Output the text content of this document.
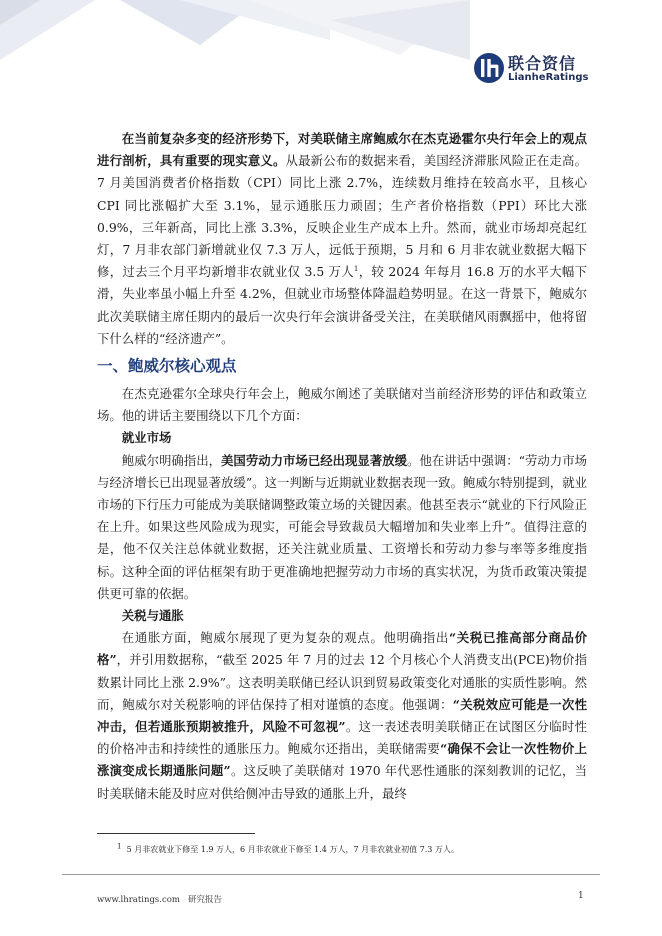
联合资信
LianheRatings

在当前复杂多变的经济形势下，对美联储主席鲍威尔在杰克逊霍尔央行年会上的观点进行剖析，具有重要的现实意义。从最新公布的数据来看，美国经济滞胀风险正在走高。7 月美国消费者价格指数（CPI）同比上涨 2.7%，连续数月维持在较高水平，且核心 CPI 同比涨幅扩大至 3.1%，显示通胀压力顽固；生产者价格指数（PPI）环比大涨 0.9%，三年新高，同比上涨 3.3%，反映企业生产成本上升。然而，就业市场却亮起红灯，7 月非农部门新增就业仅 7.3 万人，远低于预期，5 月和 6 月非农就业数据大幅下修，过去三个月平均新增非农就业仅 3.5 万人$^1$，较 2024 年每月 16.8 万的水平大幅下滑，失业率虽小幅上升至 4.2%，但就业市场整体降温趋势明显。在这一背景下，鲍威尔此次美联储主席任期内的最后一次央行年会演讲备受关注，在美联储风雨飘摇中，他将留下什么样的“经济遗产”。

一、鲍威尔核心观点

在杰克逊霍尔全球央行年会上，鲍威尔阐述了美联储对当前经济形势的评估和政策立场。他的讲话主要围绕以下几个方面：

就业市场

鲍威尔明确指出，美国劳动力市场已经出现显著放缓。他在讲话中强调：“劳动力市场与经济增长已出现显著放缓”。这一判断与近期就业数据表现一致。鲍威尔特别提到，就业市场的下行压力可能成为美联储调整政策立场的关键因素。他甚至表示“就业的下行风险正在上升。如果这些风险成为现实，可能会导致裁员大幅增加和失业率上升”。值得注意的是，他不仅关注总体就业数据，还关注就业质量、工资增长和劳动力参与率等多维度指标。这种全面的评估框架有助于更准确地把握劳动力市场的真实状况，为货币政策决策提供更可靠的依据。

关税与通胀

在通胀方面，鲍威尔展现了更为复杂的观点。他明确指出“关税已推高部分商品价格”，并引用数据称，“截至 2025 年 7 月的过去 12 个月核心个人消费支出(PCE)物价指数累计同比上涨 2.9%”。这表明美联储已经认识到贸易政策变化对通胀的实质性影响。然而，鲍威尔对关税影响的评估保持了相对谨慎的态度。他强调：“关税效应可能是一次性冲击，但若通胀预期被推升，风险不可忽视”。这一表述表明美联储正在试图区分临时性的价格冲击和持续性的通胀压力。鲍威尔还指出，美联储需要“确保不会让一次性物价上涨演变成长期通胀问题”。这反映了美联储对 1970 年代恶性通胀的深刻教训的记忆，当时美联储未能及时应对供给侧冲击导致的通胀上升，最终

$^1$ 5 月非农就业下修至 1.9 万人，6 月非农就业下修至 1.4 万人，7 月非农就业初值 7.3 万人。
www.lhratings.com 研究报告	1
